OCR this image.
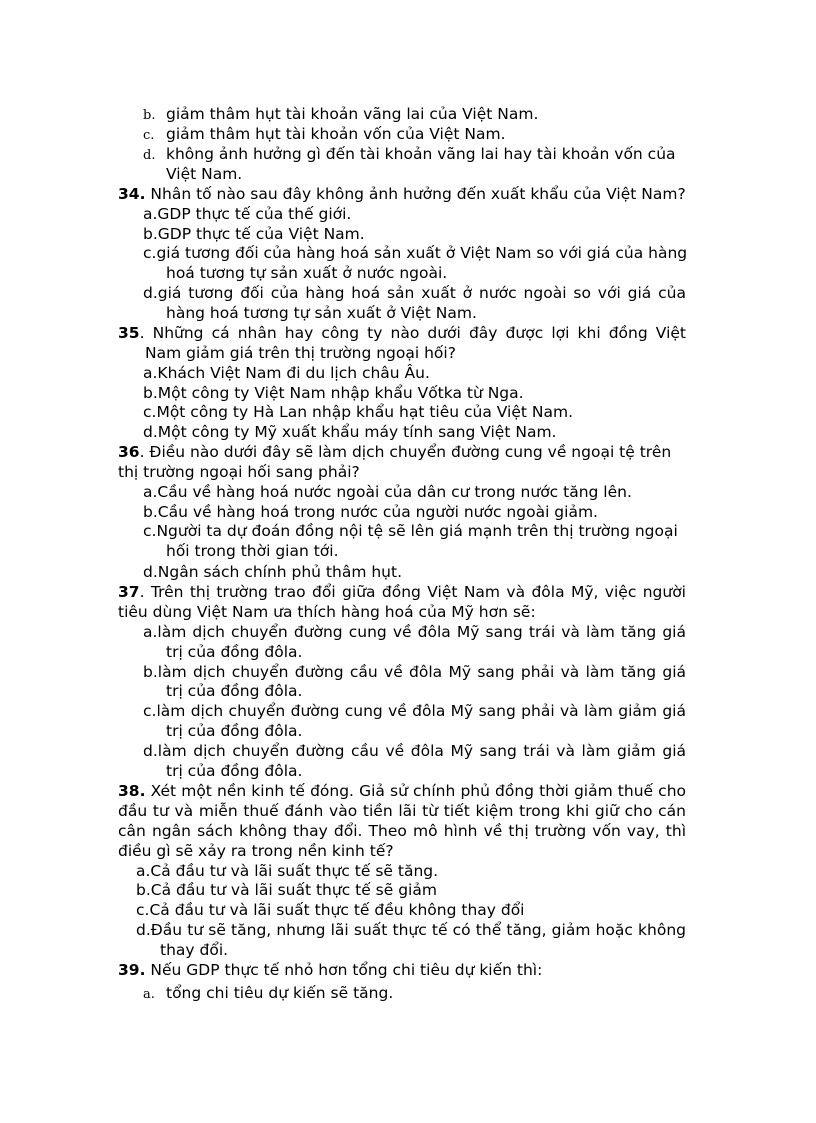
b. giảm thâm hụt tài khoản vãng lai của Việt Nam.
c. giảm thâm hụt tài khoản vốn của Việt Nam.
d. không ảnh hưởng gì đến tài khoản vãng lai hay tài khoản vốn của
Việt Nam.
34. Nhân tố nào sau đây không ảnh hưởng đến xuất khẩu của Việt Nam?
a.GDP thực tế của thế giới.
b.GDP thực tế của Việt Nam.
c.giá tương đối của hàng hoá sản xuất ở Việt Nam so với giá của hàng
hoá tương tự sản xuất ở nước ngoài.
d.giá tương đối của hàng hoá sản xuất ở nước ngoài so với giá của
hàng hoá tương tự sản xuất ở Việt Nam.
35. Những cá nhân hay công ty nào dưới đây được lợi khi đồng Việt
Nam giảm giá trên thị trường ngoại hối?
a.Khách Việt Nam đi du lịch châu Âu.
b.Một công ty Việt Nam nhập khẩu Vốtka từ Nga.
c.Một công ty Hà Lan nhập khẩu hạt tiêu của Việt Nam.
d.Một công ty Mỹ xuất khẩu máy tính sang Việt Nam.
36. Điều nào dưới đây sẽ làm dịch chuyển đường cung về ngoại tệ trên
thị trường ngoại hối sang phải?
a.Cầu về hàng hoá nước ngoài của dân cư trong nước tăng lên.
b.Cầu về hàng hoá trong nước của người nước ngoài giảm.
c.Người ta dự đoán đồng nội tệ sẽ lên giá mạnh trên thị trường ngoại
hối trong thời gian tới.
d.Ngân sách chính phủ thâm hụt.
37. Trên thị trường trao đổi giữa đồng Việt Nam và đôla Mỹ, việc người
tiêu dùng Việt Nam ưa thích hàng hoá của Mỹ hơn sẽ:
a.làm dịch chuyển đường cung về đôla Mỹ sang trái và làm tăng giá
trị của đồng đôla.
b.làm dịch chuyển đường cầu về đôla Mỹ sang phải và làm tăng giá
trị của đồng đôla.
c.làm dịch chuyển đường cung về đôla Mỹ sang phải và làm giảm giá
trị của đồng đôla.
d.làm dịch chuyển đường cầu về đôla Mỹ sang trái và làm giảm giá
trị của đồng đôla.
38. Xét một nền kinh tế đóng. Giả sử chính phủ đồng thời giảm thuế cho
đầu tư và miễn thuế đánh vào tiền lãi từ tiết kiệm trong khi giữ cho cán
cân ngân sách không thay đổi. Theo mô hình về thị trường vốn vay, thì
điều gì sẽ xảy ra trong nền kinh tế?
a.Cả đầu tư và lãi suất thực tế sẽ tăng.
b.Cả đầu tư và lãi suất thực tế sẽ giảm
c.Cả đầu tư và lãi suất thực tế đều không thay đổi
d.Đầu tư sẽ tăng, nhưng lãi suất thực tế có thể tăng, giảm hoặc không
thay đổi.
39. Nếu GDP thực tế nhỏ hơn tổng chi tiêu dự kiến thì:
a. tổng chi tiêu dự kiến sẽ tăng.
